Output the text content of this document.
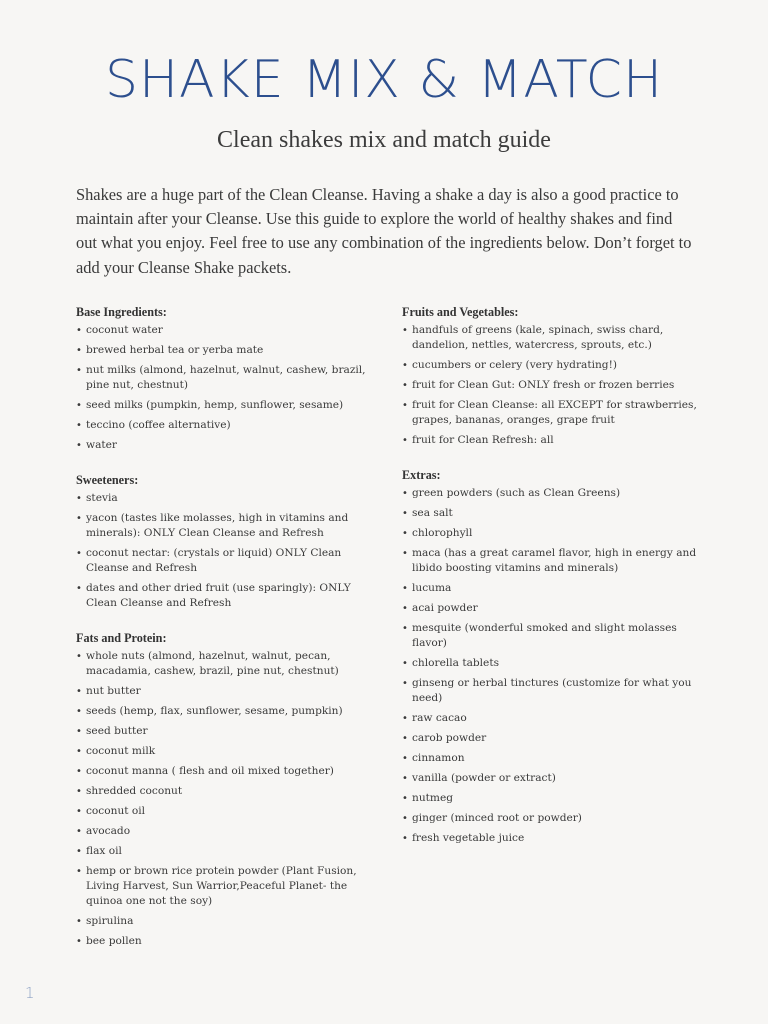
SHAKE MIX & MATCH
Clean shakes mix and match guide
Shakes are a huge part of the Clean Cleanse. Having a shake a day is also a good practice to maintain after your Cleanse. Use this guide to explore the world of healthy shakes and find out what you enjoy. Feel free to use any combination of the ingredients below. Don’t forget to add your Cleanse Shake packets.
Base Ingredients:
• coconut water
• brewed herbal tea or yerba mate
• nut milks (almond, hazelnut, walnut, cashew, brazil, pine nut, chestnut)
• seed milks (pumpkin, hemp, sunflower, sesame)
• teccino (coffee alternative)
• water
Sweeteners:
• stevia
• yacon (tastes like molasses, high in vitamins and minerals): ONLY Clean Cleanse and Refresh
• coconut nectar: (crystals or liquid) ONLY Clean Cleanse and Refresh
• dates and other dried fruit (use sparingly): ONLY Clean Cleanse and Refresh
Fats and Protein:
• whole nuts (almond, hazelnut, walnut, pecan, macadamia, cashew, brazil, pine nut, chestnut)
• nut butter
• seeds (hemp, flax, sunflower, sesame, pumpkin)
• seed butter
• coconut milk
• coconut manna ( flesh and oil mixed together)
• shredded coconut
• coconut oil
• avocado
• flax oil
• hemp or brown rice protein powder (Plant Fusion, Living Harvest, Sun Warrior,Peaceful Planet- the quinoa one not the soy)
• spirulina
• bee pollen
Fruits and Vegetables:
• handfuls of greens (kale, spinach, swiss chard, dandelion, nettles, watercress, sprouts, etc.)
• cucumbers or celery (very hydrating!)
• fruit for Clean Gut: ONLY fresh or frozen berries
• fruit for Clean Cleanse: all EXCEPT for strawberries, grapes, bananas, oranges, grape fruit
• fruit for Clean Refresh: all
Extras:
• green powders (such as Clean Greens)
• sea salt
• chlorophyll
• maca (has a great caramel flavor, high in energy and libido boosting vitamins and minerals)
• lucuma
• acai powder
• mesquite (wonderful smoked and slight molasses flavor)
• chlorella tablets
• ginseng or herbal tinctures (customize for what you need)
• raw cacao
• carob powder
• cinnamon
• vanilla (powder or extract)
• nutmeg
• ginger (minced root or powder)
• fresh vegetable juice
1
